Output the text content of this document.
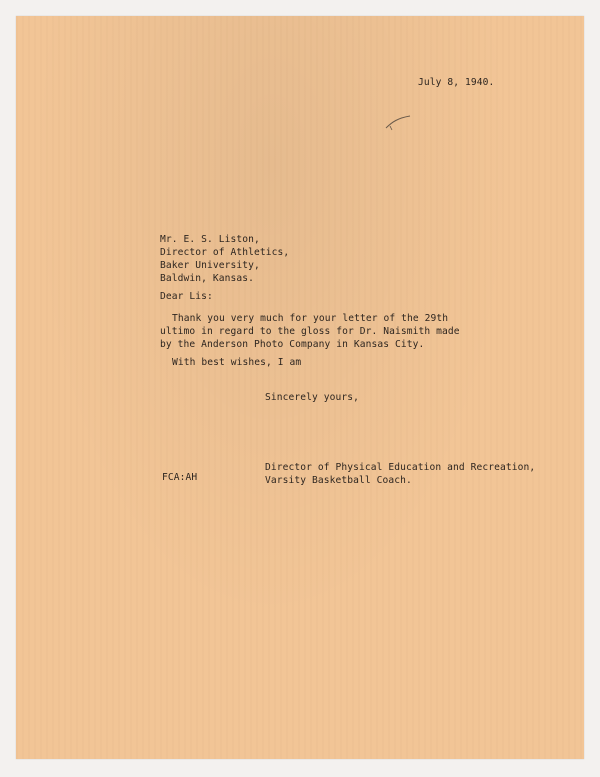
July 8, 1940.
Mr. E. S. Liston,
Director of Athletics,
Baker University,
Baldwin, Kansas.
Dear Lis:
Thank you very much for your letter of the 29th
ultimo in regard to the gloss for Dr. Naismith made
by the Anderson Photo Company in Kansas City.
With best wishes, I am
Sincerely yours,
FCA:AH
Director of Physical Education and Recreation,
Varsity Basketball Coach.
